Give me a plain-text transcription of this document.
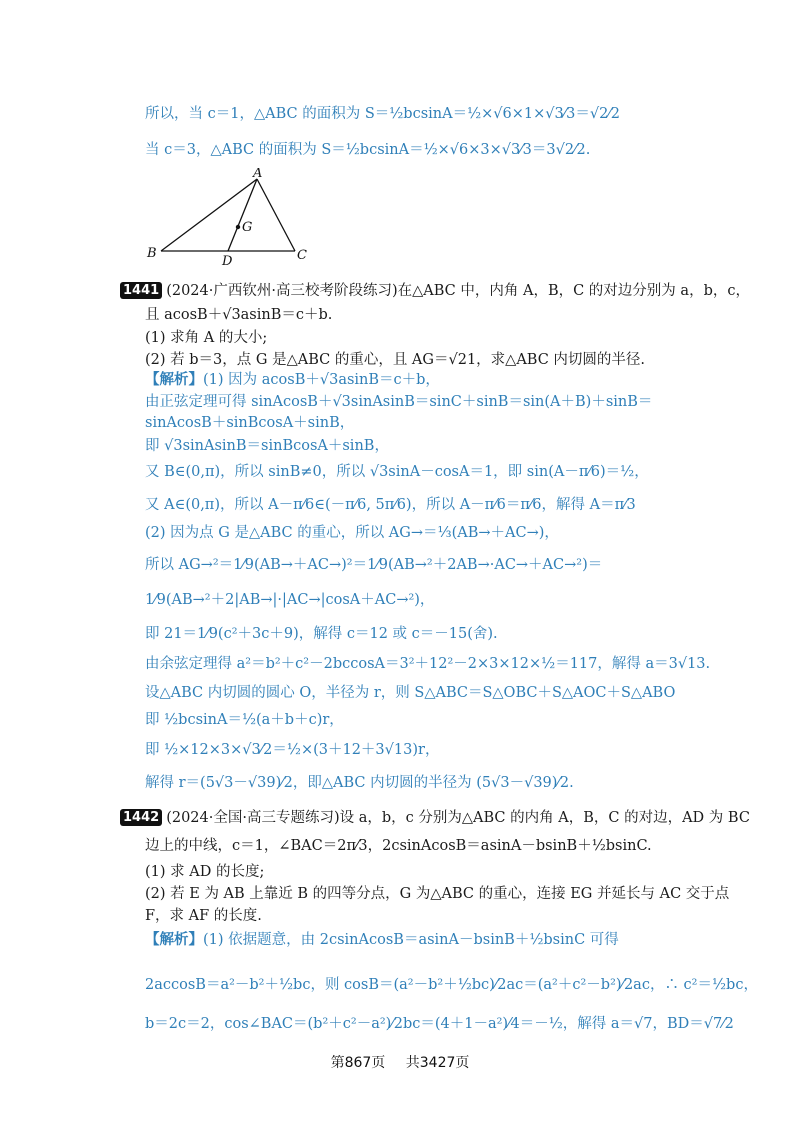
所以，当 c＝1，△ABC 的面积为 S＝½bcsinA＝½×√6×1×√3⁄3＝√2⁄2
当 c＝3，△ABC 的面积为 S＝½bcsinA＝½×√6×3×√3⁄3＝3√2⁄2.
A
B	C
D
G
1441 (2024·广西钦州·高三校考阶段练习)在△ABC 中，内角 A，B，C 的对边分别为 a，b，c，
且 acosB＋√3asinB＝c＋b.
(1) 求角 A 的大小;
(2) 若 b＝3，点 G 是△ABC 的重心，且 AG＝√21，求△ABC 内切圆的半径.
【解析】(1) 因为 acosB＋√3asinB＝c＋b，
由正弦定理可得 sinAcosB＋√3sinAsinB＝sinC＋sinB＝sin(A＋B)＋sinB＝
sinAcosB＋sinBcosA＋sinB，
即 √3sinAsinB＝sinBcosA＋sinB，
又 B∈(0,π)，所以 sinB≠0，所以 √3sinA－cosA＝1，即 sin(A－π⁄6)＝½，
又 A∈(0,π)，所以 A－π⁄6∈(－π⁄6, 5π⁄6)，所以 A－π⁄6＝π⁄6，解得 A＝π⁄3
(2) 因为点 G 是△ABC 的重心，所以 AG→＝⅓(AB→＋AC→)，
所以 AG→²＝1⁄9(AB→＋AC→)²＝1⁄9(AB→²＋2AB→·AC→＋AC→²)＝
1⁄9(AB→²＋2|AB→|·|AC→|cosA＋AC→²)，
即 21＝1⁄9(c²＋3c＋9)，解得 c＝12 或 c＝－15(舍).
由余弦定理得 a²＝b²＋c²－2bccosA＝3²＋12²－2×3×12×½＝117，解得 a＝3√13.
设△ABC 内切圆的圆心 O，半径为 r，则 S△ABC＝S△OBC＋S△AOC＋S△ABO
即 ½bcsinA＝½(a＋b＋c)r，
即 ½×12×3×√3⁄2＝½×(3＋12＋3√13)r，
解得 r＝(5√3－√39)⁄2，即△ABC 内切圆的半径为 (5√3－√39)⁄2.
1442 (2024·全国·高三专题练习)设 a，b，c 分别为△ABC 的内角 A，B，C 的对边，AD 为 BC
边上的中线，c＝1，∠BAC＝2π⁄3，2csinAcosB＝asinA－bsinB＋½bsinC.
(1) 求 AD 的长度;
(2) 若 E 为 AB 上靠近 B 的四等分点，G 为△ABC 的重心，连接 EG 并延长与 AC 交于点
F，求 AF 的长度.
【解析】(1) 依据题意，由 2csinAcosB＝asinA－bsinB＋½bsinC 可得
2accosB＝a²－b²＋½bc，则 cosB＝(a²－b²＋½bc)⁄2ac＝(a²＋c²－b²)⁄2ac，∴ c²＝½bc，
b＝2c＝2，cos∠BAC＝(b²＋c²－a²)⁄2bc＝(4＋1－a²)⁄4＝－½，解得 a＝√7，BD＝√7⁄2
第867页 共3427页
